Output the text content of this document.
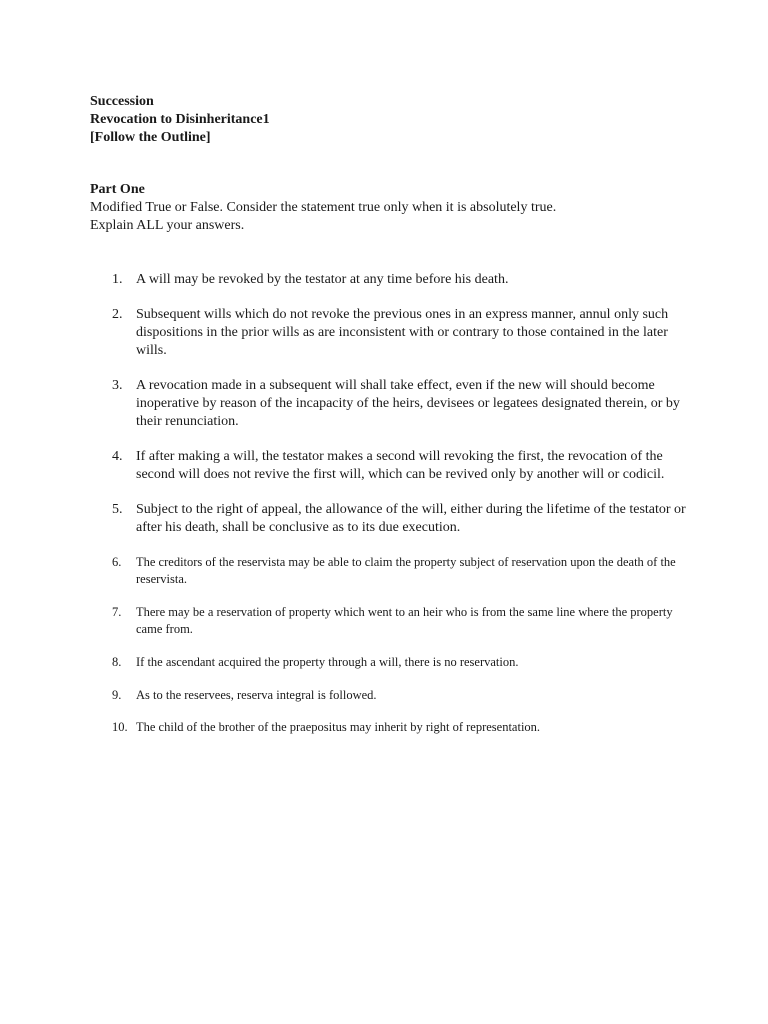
Succession

Revocation to Disinheritance1

[Follow the Outline]

Part One

Modified True or False. Consider the statement true only when it is absolutely true.

Explain ALL your answers.

1. A will may be revoked by the testator at any time before his death.
2. Subsequent wills which do not revoke the previous ones in an express manner, annul only such dispositions in the prior wills as are inconsistent with or contrary to those contained in the later wills.
3. A revocation made in a subsequent will shall take effect, even if the new will should become inoperative by reason of the incapacity of the heirs, devisees or legatees designated therein, or by their renunciation.
4. If after making a will, the testator makes a second will revoking the first, the revocation of the second will does not revive the first will, which can be revived only by another will or codicil.
5. Subject to the right of appeal, the allowance of the will, either during the lifetime of the testator or after his death, shall be conclusive as to its due execution.
6.	The creditors of the reservista may be able to claim the property subject of reservation upon the death of the reservista.
7.	There may be a reservation of property which went to an heir who is from the same line where the property came from.
8.	If the ascendant acquired the property through a will, there is no reservation.
9.	As to the reservees, reserva integral is followed.
10. The child of the brother of the praepositus may inherit by right of representation.
